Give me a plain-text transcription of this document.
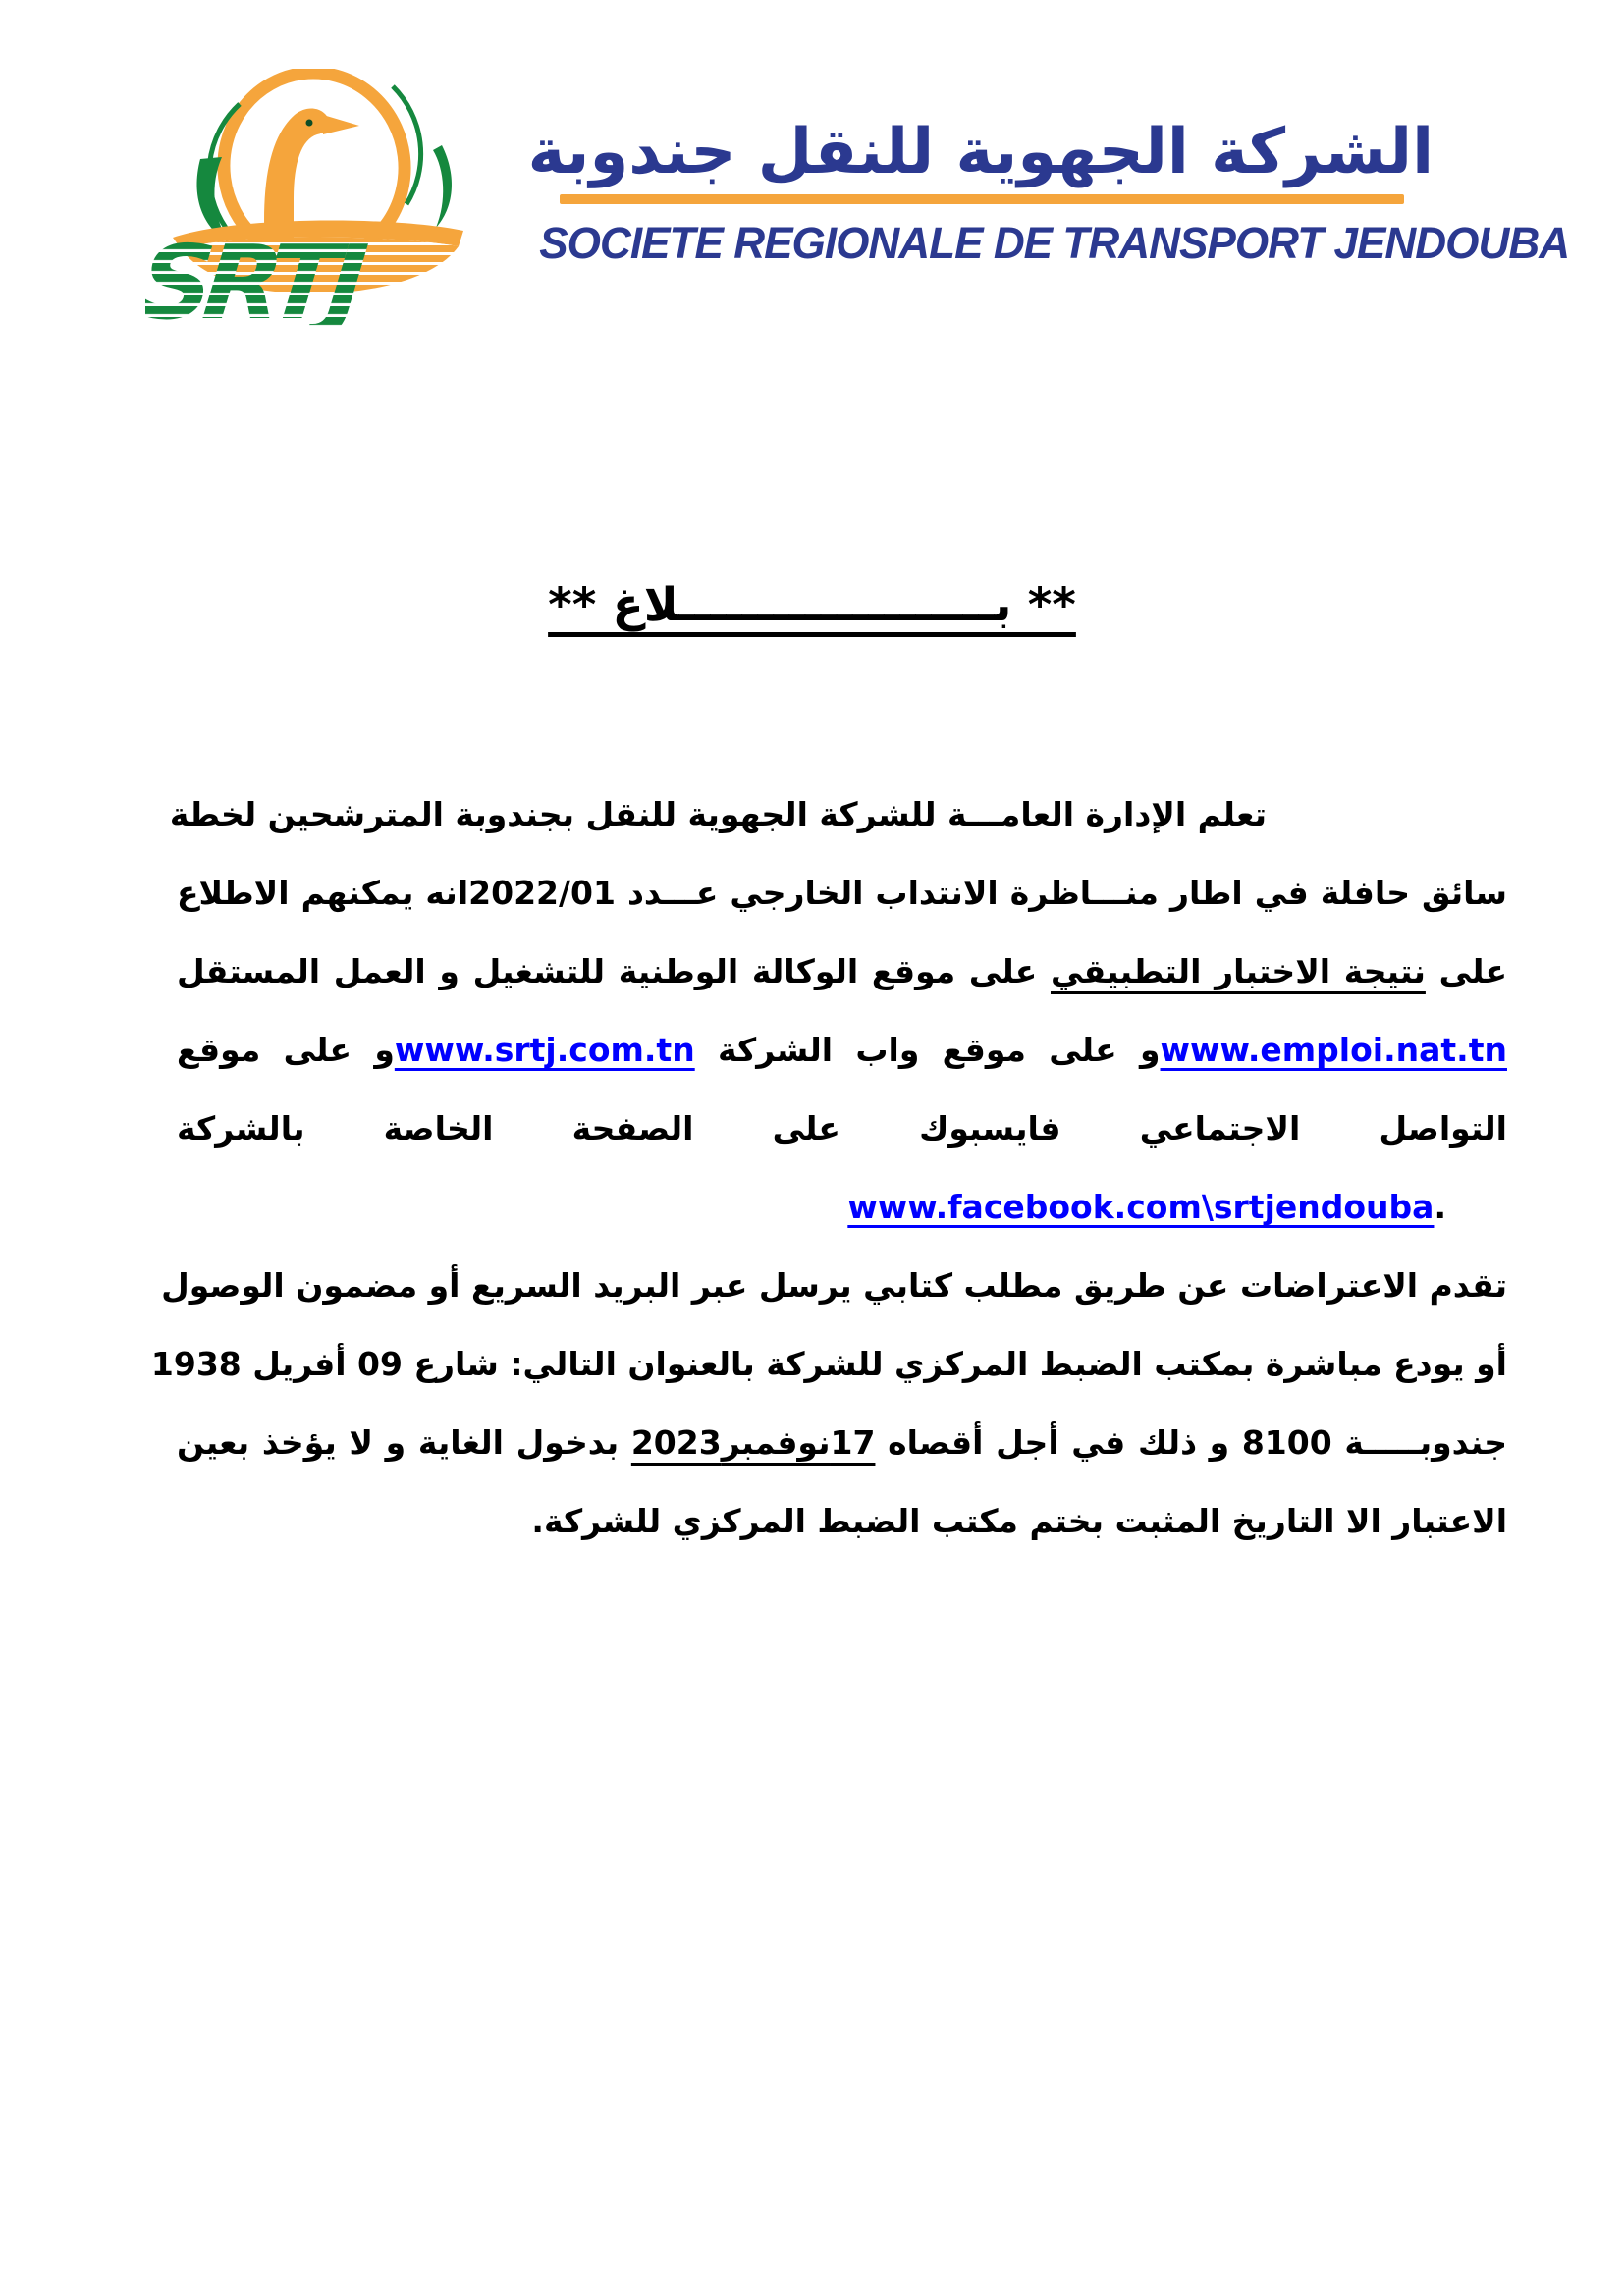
SRTJ
الشركة الجهوية للنقل جندوبة
SOCIETE REGIONALE DE TRANSPORT JENDOUBA
** بــــــــــــــــــــلاغ **
تعلم الإدارة العامـــة للشركة الجهوية للنقل بجندوبة المترشحين لخطة
سائق حافلة في اطار منـــاظرة الانتداب الخارجي عـــدد 2022/01انه يمكنهم الاطلاع
على نتيجة الاختبار التطبيقي على موقع الوكالة الوطنية للتشغيل و العمل المستقل
www.emploi.nat.tnو على موقع واب الشركة www.srtj.com.tnو على موقع
التواصل الاجتماعي فايسبوك على الصفحة الخاصة بالشركة
www.facebook.com\srtjendouba.
تقدم الاعتراضات عن طريق مطلب كتابي يرسل عبر البريد السريع أو مضمون الوصول
أو يودع مباشرة بمكتب الضبط المركزي للشركة بالعنوان التالي: شارع 09 أفريل 1938
جندوبـــــة 8100 و ذلك في أجل أقصاه 17نوفمبر2023 بدخول الغاية و لا يؤخذ بعين
الاعتبار الا التاريخ المثبت بختم مكتب الضبط المركزي للشركة.
